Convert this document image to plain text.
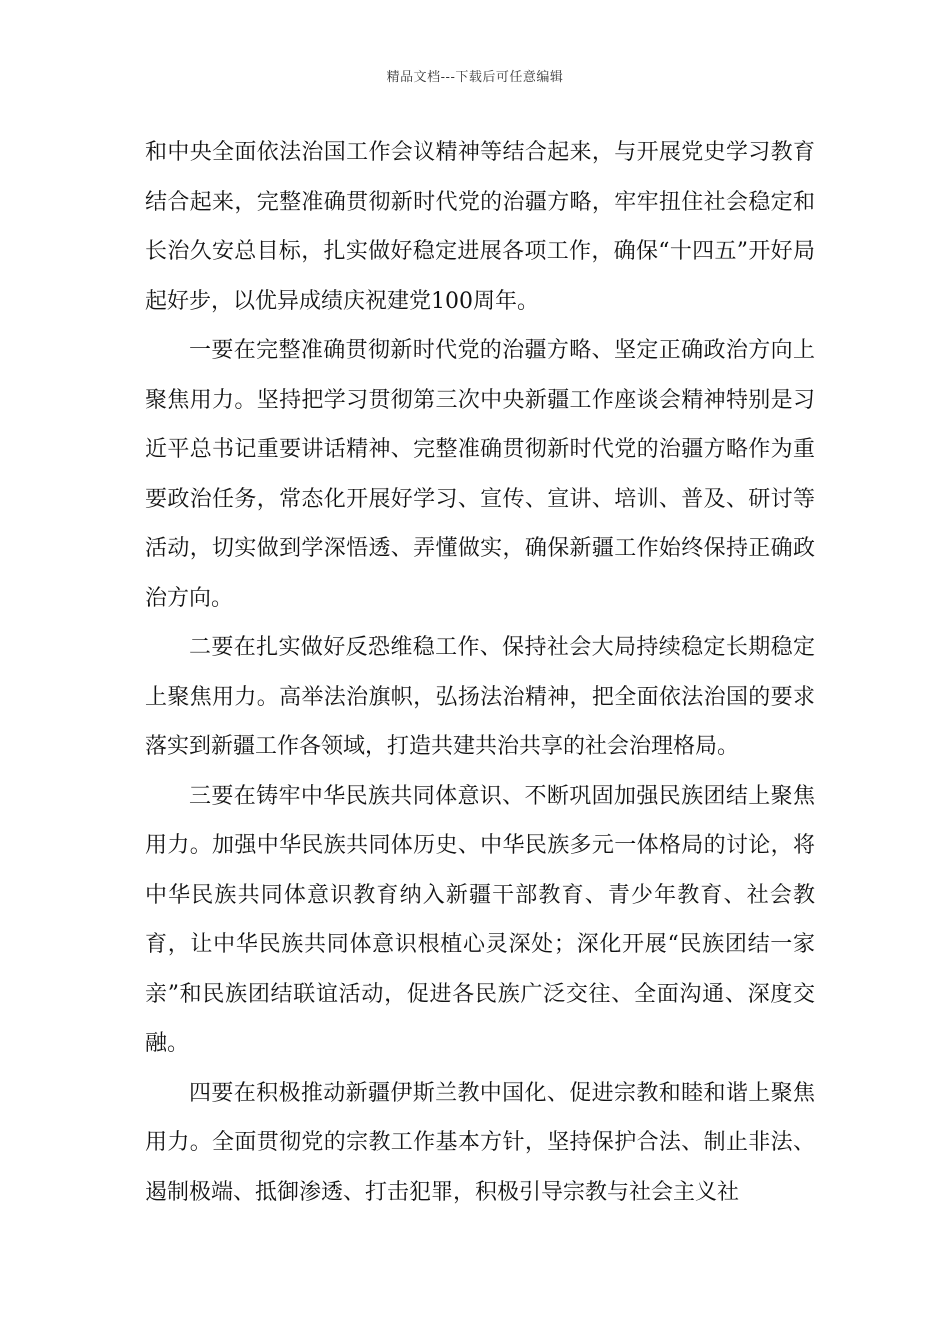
精品文档---下载后可任意编辑

和中央全面依法治国工作会议精神等结合起来，与开展党史学习教育结合起来，完整准确贯彻新时代党的治疆方略，牢牢扭住社会稳定和长治久安总目标，扎实做好稳定进展各项工作，确保“十四五”开好局起好步，以优异成绩庆祝建党100周年。

一要在完整准确贯彻新时代党的治疆方略、坚定正确政治方向上聚焦用力。坚持把学习贯彻第三次中央新疆工作座谈会精神特别是习近平总书记重要讲话精神、完整准确贯彻新时代党的治疆方略作为重要政治任务，常态化开展好学习、宣传、宣讲、培训、普及、研讨等活动，切实做到学深悟透、弄懂做实，确保新疆工作始终保持正确政治方向。

二要在扎实做好反恐维稳工作、保持社会大局持续稳定长期稳定上聚焦用力。高举法治旗帜，弘扬法治精神，把全面依法治国的要求落实到新疆工作各领域，打造共建共治共享的社会治理格局。

三要在铸牢中华民族共同体意识、不断巩固加强民族团结上聚焦用力。加强中华民族共同体历史、中华民族多元一体格局的讨论，将中华民族共同体意识教育纳入新疆干部教育、青少年教育、社会教育，让中华民族共同体意识根植心灵深处；深化开展“民族团结一家亲”和民族团结联谊活动，促进各民族广泛交往、全面沟通、深度交融。

四要在积极推动新疆伊斯兰教中国化、促进宗教和睦和谐上聚焦用力。全面贯彻党的宗教工作基本方针，坚持保护合法、制止非法、遏制极端、抵御渗透、打击犯罪，积极引导宗教与社会主义社
